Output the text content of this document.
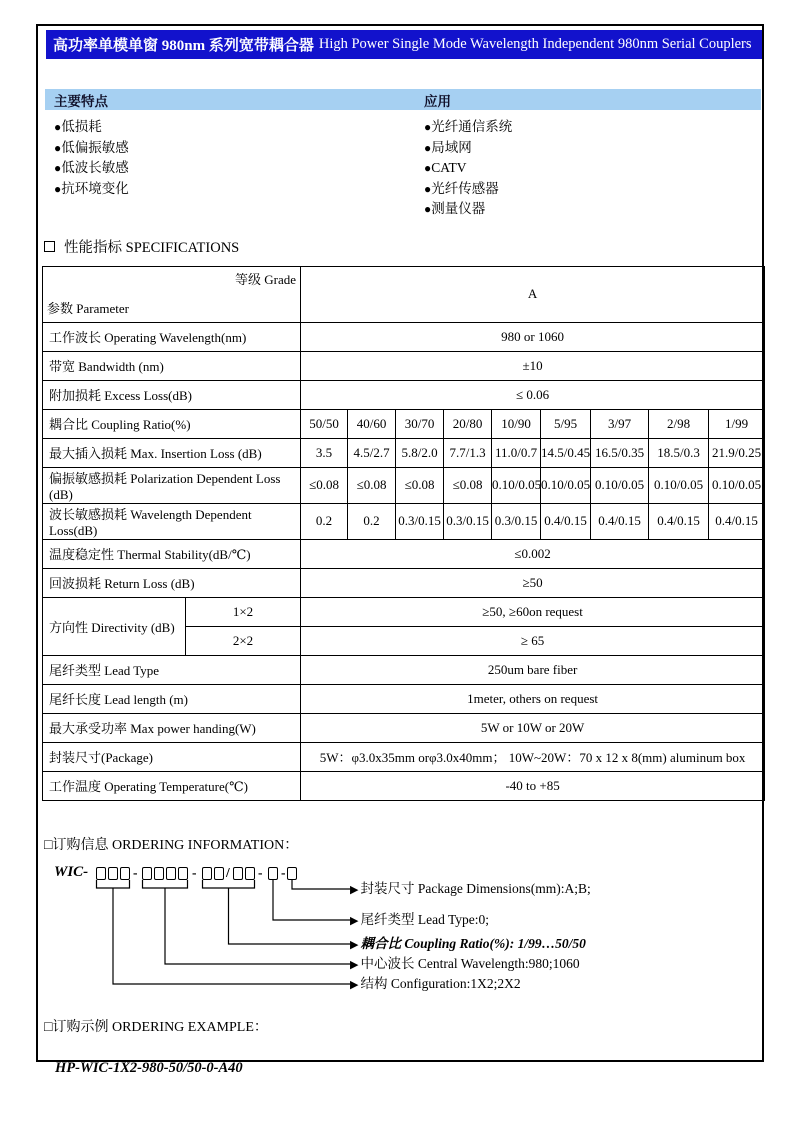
高功率单模单窗 980nm 系列宽带耦合器 High Power Single Mode Wavelength Independent 980nm Serial Couplers
主要特点	应用
●低损耗
●低偏振敏感
●低波长敏感
●抗环境变化
●光纤通信系统
●局域网
●CATV
●光纤传感器
●测量仪器
性能指标 SPECIFICATIONS
等级 Grade
参数 Parameter		A								
工作波长 Operating Wavelength(nm)		980 or 1060								
带宽 Bandwidth (nm)		±10								
附加损耗 Excess Loss(dB)		≤ 0.06								
耦合比 Coupling Ratio(%)		50/50	40/60	30/70	20/80	10/90	5/95	3/97	2/98	1/99
最大插入损耗 Max. Insertion Loss (dB)		3.5	4.5/2.7	5.8/2.0	7.7/1.3	11.0/0.7	14.5/0.45	16.5/0.35	18.5/0.3	21.9/0.25
偏振敏感损耗 Polarization Dependent Loss (dB)		≤0.08	≤0.08	≤0.08	≤0.08	0.10/0.05	0.10/0.05	0.10/0.05	0.10/0.05	0.10/0.05
波长敏感损耗 Wavelength Dependent Loss(dB)		0.2	0.2	0.3/0.15	0.3/0.15	0.3/0.15	0.4/0.15	0.4/0.15	0.4/0.15	0.4/0.15
温度稳定性 Thermal Stability(dB/℃)		≤0.002								
回波损耗 Return Loss (dB)		≥50								
方向性 Directivity (dB)	1×2	≥50, ≥60on request								
	2×2	≥ 65								
尾纤类型 Lead Type		250um bare fiber								
尾纤长度 Lead length (m)		1meter, others on request								
最大承受功率 Max power handing(W)		5W or 10W or 20W								
封装尺寸(Package)		5W：φ3.0x35mm orφ3.0x40mm； 10W~20W：70 x 12 x 8(mm) aluminum box								
工作温度 Operating Temperature(℃)		-40 to +85								
□订购信息 ORDERING INFORMATION：
WIC-	-	- / - -
▶ 封装尺寸 Package Dimensions(mm):A;B;
▶ 尾纤类型 Lead Type:0;
▶ 耦合比 Coupling Ratio(%): 1/99…50/50
▶ 中心波长 Central Wavelength:980;1060
▶ 结构 Configuration:1X2;2X2
□订购示例 ORDERING EXAMPLE：
HP-WIC-1X2-980-50/50-0-A40
